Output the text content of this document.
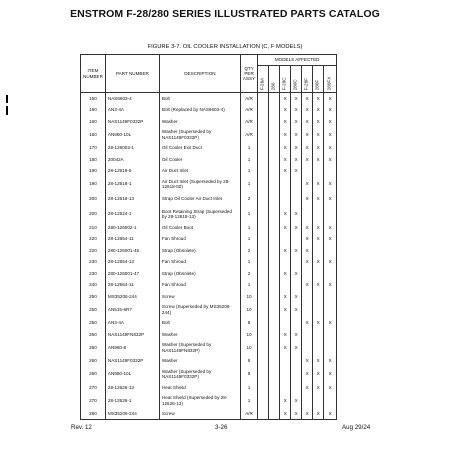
ENSTROM F-28/280 SERIES ILLUSTRATED PARTS CATALOG
FIGURE 3-7. OIL COOLER INSTALLATION (C, F MODELS)
ITEM NUMBER	PART NUMBER	DESCRIPTION	QTY PER ASSY	MODELS AFFECTED						

				F-28A	280	F-28C	280C	F-28F	280F	280FX

150	NAS6603-4	Bolt	A/R			X	X	X	X	X
150	AN3-4A	Bolt (Replaced by NAS6603-4)	A/R			X	X	X	X	X
160	NAS1149F0332P	Washer	A/R			X	X	X	X	X
160	AN960-10L	Washer (Superseded by NAS1149F0332P)	A/R			X	X	X	X	X
170	28-126003-1	Oil Cooler Exit Duct	1			X	X	X	X	X
180	20042A	Oil Cooler	1			X	X	X	X	X
190	28-12618-5	Air Duct Inlet	1			X	X			
190	28-12618-1	Air Duct Inlet (Superseded by 28-12618-50)	1					X	X	X
200	28-12618-13	Strap Oil Cooler Air Duct Inlet	2					X	X	X
200	28-12624-1	Boot Retaining Strap (Superseded by 28-12618-13)	1			X	X			
210	280-126002-1	Oil Cooler Boot	1			X	X	X	X	X
220	28-12654-11	Fan Shroud	1					X	X	X
220	280-126001-45	Strap (Obsolete)	2			X	X	X		
230	28-12654-13	Fan Shroud	1					X	X	X
230	280-126001-47	Strap (Obsolete)	2			X	X			
240	28-12664-11	Fan Shroud	1					X	X	X
250	MS35206-244	Screw	10			X	X			
250	AN515-6R7	Screw (Superseded by MS35206-244)	10			X	X			
250	AN3-4A	Bolt	8					X	X	X
260	NAS1149FN832P	Washer	10			X	X			
260	AN960-8	Washer (Superseded by NAS1149FN832P)	10			X	X			
260	NAS1149F0332P	Washer	8					X	X	X
260	AN960-10L	Washer (Superseded by NAS1149F0332P)	8					X	X	X
270	28-12626-13	Heat Shield	1					X	X	X
270	28-12626-1	Heat Shield (Superseded by 28-12626-13)	1			X	X			
280	MS35206-244	Screw	A/R			X	X	X	X	X
Rev. 12	3-26	Aug 29/24
